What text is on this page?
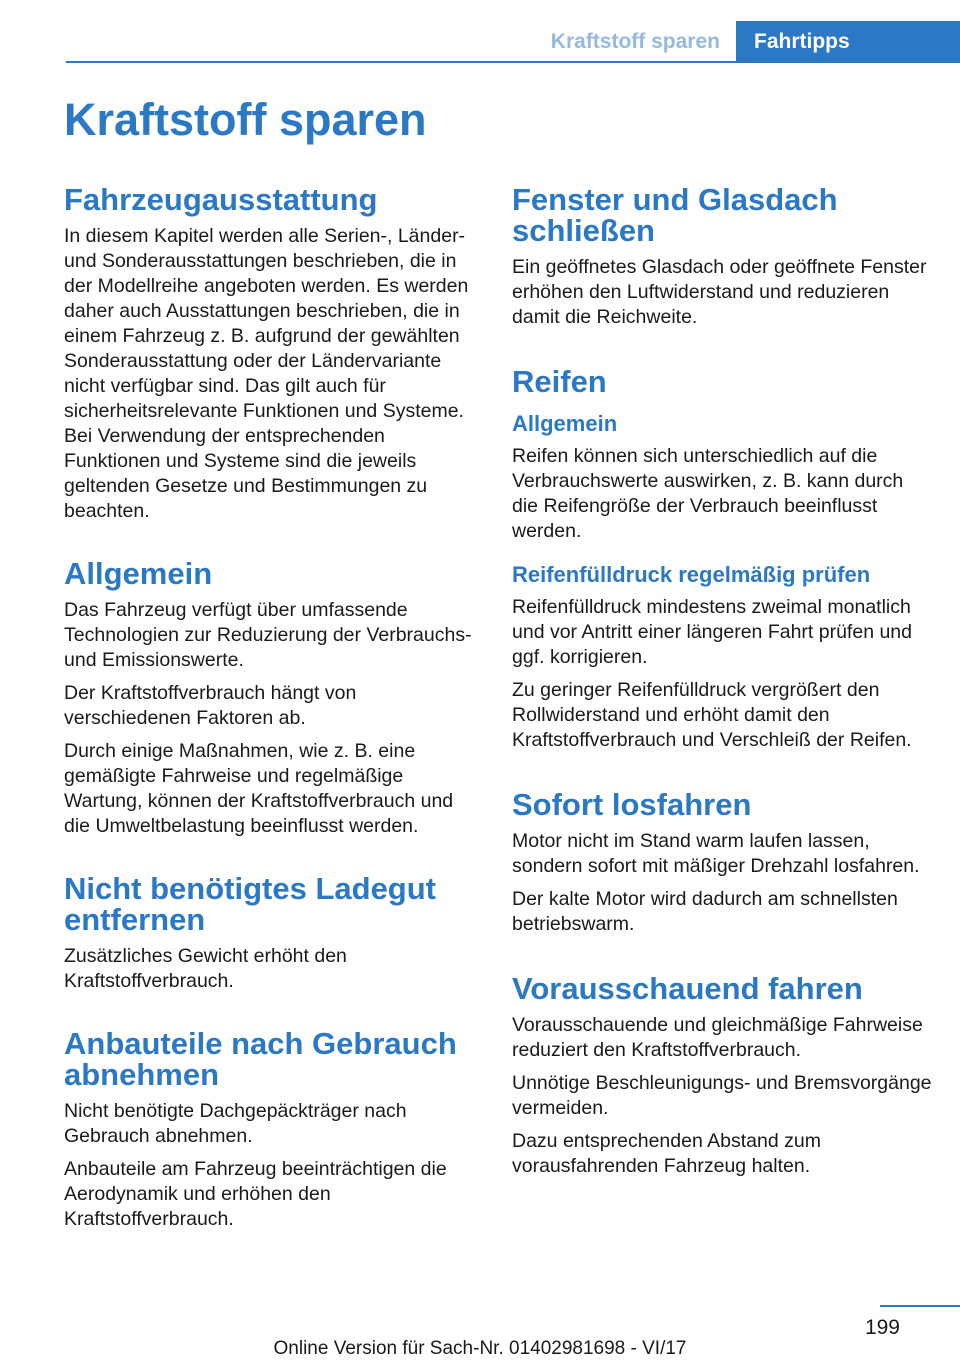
Kraftstoff sparen	Fahrtipps
Kraftstoff sparen
Fahrzeugausstattung

In diesem Kapitel werden alle Serien-, Länder- und Sonderausstattungen beschrieben, die in der Modellreihe angeboten werden. Es werden daher auch Ausstattungen beschrieben, die in einem Fahrzeug z. B. aufgrund der gewählten Sonderausstattung oder der Ländervariante nicht verfügbar sind. Das gilt auch für sicherheitsrelevante Funktionen und Systeme. Bei Verwendung der entsprechenden Funktionen und Systeme sind die jeweils geltenden Gesetze und Bestimmungen zu beachten.

Allgemein

Das Fahrzeug verfügt über umfassende Technologien zur Reduzierung der Verbrauchs- und Emissionswerte.

Der Kraftstoffverbrauch hängt von verschiedenen Faktoren ab.

Durch einige Maßnahmen, wie z. B. eine gemäßigte Fahrweise und regelmäßige Wartung, können der Kraftstoffverbrauch und die Umweltbelastung beeinflusst werden.

Nicht benötigtes Ladegut entfernen

Zusätzliches Gewicht erhöht den Kraftstoffverbrauch.

Anbauteile nach Gebrauch abnehmen

Nicht benötigte Dachgepäckträger nach Gebrauch abnehmen.

Anbauteile am Fahrzeug beeinträchtigen die Aerodynamik und erhöhen den Kraftstoffverbrauch.

Fenster und Glasdach schließen

Ein geöffnetes Glasdach oder geöffnete Fenster erhöhen den Luftwiderstand und reduzieren damit die Reichweite.

Reifen
Allgemein

Reifen können sich unterschiedlich auf die Verbrauchswerte auswirken, z. B. kann durch die Reifengröße der Verbrauch beeinflusst werden.

Reifenfülldruck regelmäßig prüfen

Reifenfülldruck mindestens zweimal monatlich und vor Antritt einer längeren Fahrt prüfen und ggf. korrigieren.

Zu geringer Reifenfülldruck vergrößert den Rollwiderstand und erhöht damit den Kraftstoffverbrauch und Verschleiß der Reifen.

Sofort losfahren

Motor nicht im Stand warm laufen lassen, sondern sofort mit mäßiger Drehzahl losfahren.

Der kalte Motor wird dadurch am schnellsten betriebswarm.

Vorausschauend fahren

Vorausschauende und gleichmäßige Fahrweise reduziert den Kraftstoffverbrauch.

Unnötige Beschleunigungs- und Bremsvorgänge vermeiden.

Dazu entsprechenden Abstand zum vorausfahrenden Fahrzeug halten.

199
Online Version für Sach-Nr. 01402981698 - VI/17
